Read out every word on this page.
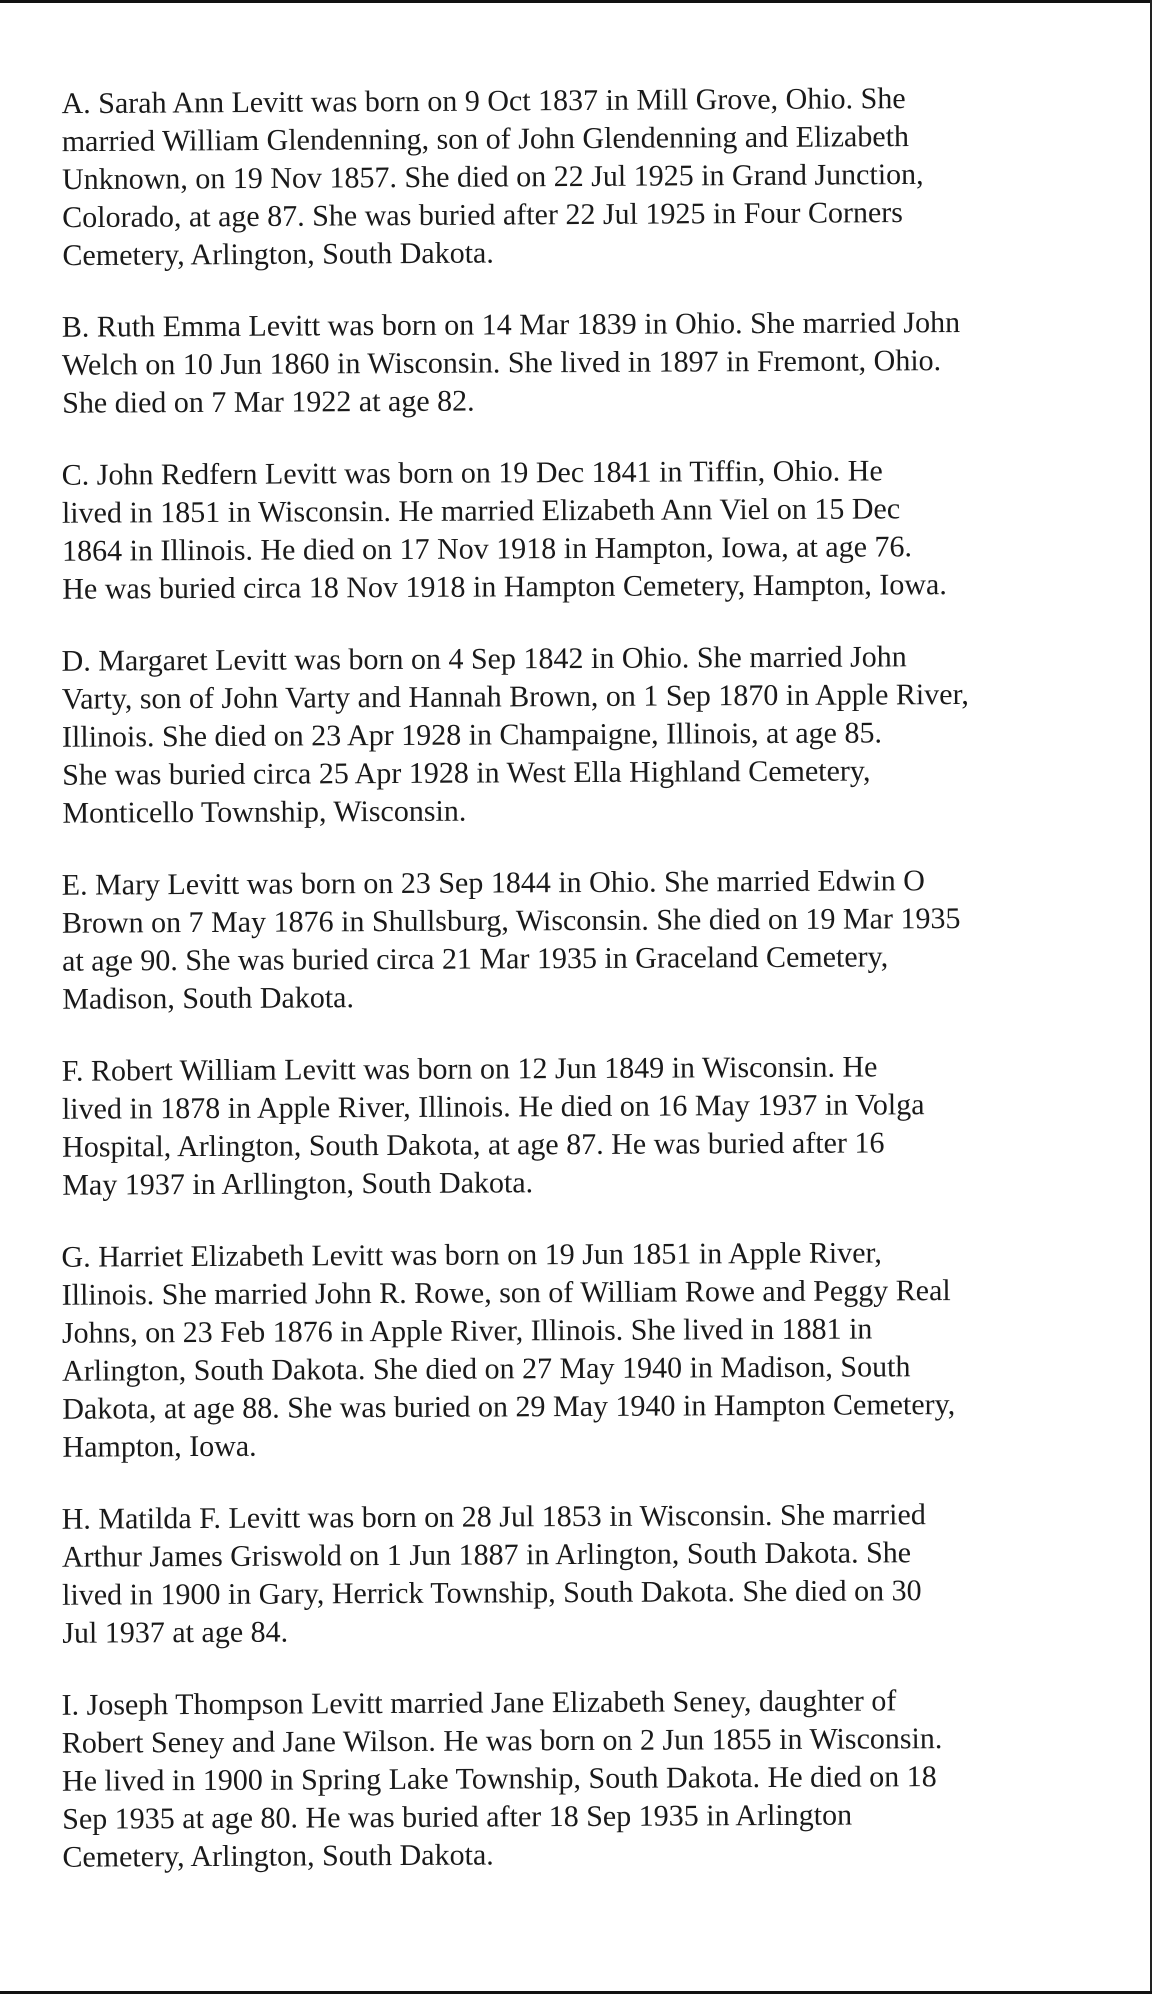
A. Sarah Ann Levitt was born on 9 Oct 1837 in Mill Grove, Ohio. She
married William Glendenning, son of John Glendenning and Elizabeth
Unknown, on 19 Nov 1857. She died on 22 Jul 1925 in Grand Junction,
Colorado, at age 87. She was buried after 22 Jul 1925 in Four Corners
Cemetery, Arlington, South Dakota.

B. Ruth Emma Levitt was born on 14 Mar 1839 in Ohio. She married John
Welch on 10 Jun 1860 in Wisconsin. She lived in 1897 in Fremont, Ohio.
She died on 7 Mar 1922 at age 82.

C. John Redfern Levitt was born on 19 Dec 1841 in Tiffin, Ohio. He
lived in 1851 in Wisconsin. He married Elizabeth Ann Viel on 15 Dec
1864 in Illinois. He died on 17 Nov 1918 in Hampton, Iowa, at age 76.
He was buried circa 18 Nov 1918 in Hampton Cemetery, Hampton, Iowa.

D. Margaret Levitt was born on 4 Sep 1842 in Ohio. She married John
Varty, son of John Varty and Hannah Brown, on 1 Sep 1870 in Apple River,
Illinois. She died on 23 Apr 1928 in Champaigne, Illinois, at age 85.
She was buried circa 25 Apr 1928 in West Ella Highland Cemetery,
Monticello Township, Wisconsin.

E. Mary Levitt was born on 23 Sep 1844 in Ohio. She married Edwin O
Brown on 7 May 1876 in Shullsburg, Wisconsin. She died on 19 Mar 1935
at age 90. She was buried circa 21 Mar 1935 in Graceland Cemetery,
Madison, South Dakota.

F. Robert William Levitt was born on 12 Jun 1849 in Wisconsin. He
lived in 1878 in Apple River, Illinois. He died on 16 May 1937 in Volga
Hospital, Arlington, South Dakota, at age 87. He was buried after 16
May 1937 in Arllington, South Dakota.

G. Harriet Elizabeth Levitt was born on 19 Jun 1851 in Apple River,
Illinois. She married John R. Rowe, son of William Rowe and Peggy Real
Johns, on 23 Feb 1876 in Apple River, Illinois. She lived in 1881 in
Arlington, South Dakota. She died on 27 May 1940 in Madison, South
Dakota, at age 88. She was buried on 29 May 1940 in Hampton Cemetery,
Hampton, Iowa.

H. Matilda F. Levitt was born on 28 Jul 1853 in Wisconsin. She married
Arthur James Griswold on 1 Jun 1887 in Arlington, South Dakota. She
lived in 1900 in Gary, Herrick Township, South Dakota. She died on 30
Jul 1937 at age 84.

I. Joseph Thompson Levitt married Jane Elizabeth Seney, daughter of
Robert Seney and Jane Wilson. He was born on 2 Jun 1855 in Wisconsin.
He lived in 1900 in Spring Lake Township, South Dakota. He died on 18
Sep 1935 at age 80. He was buried after 18 Sep 1935 in Arlington
Cemetery, Arlington, South Dakota.
